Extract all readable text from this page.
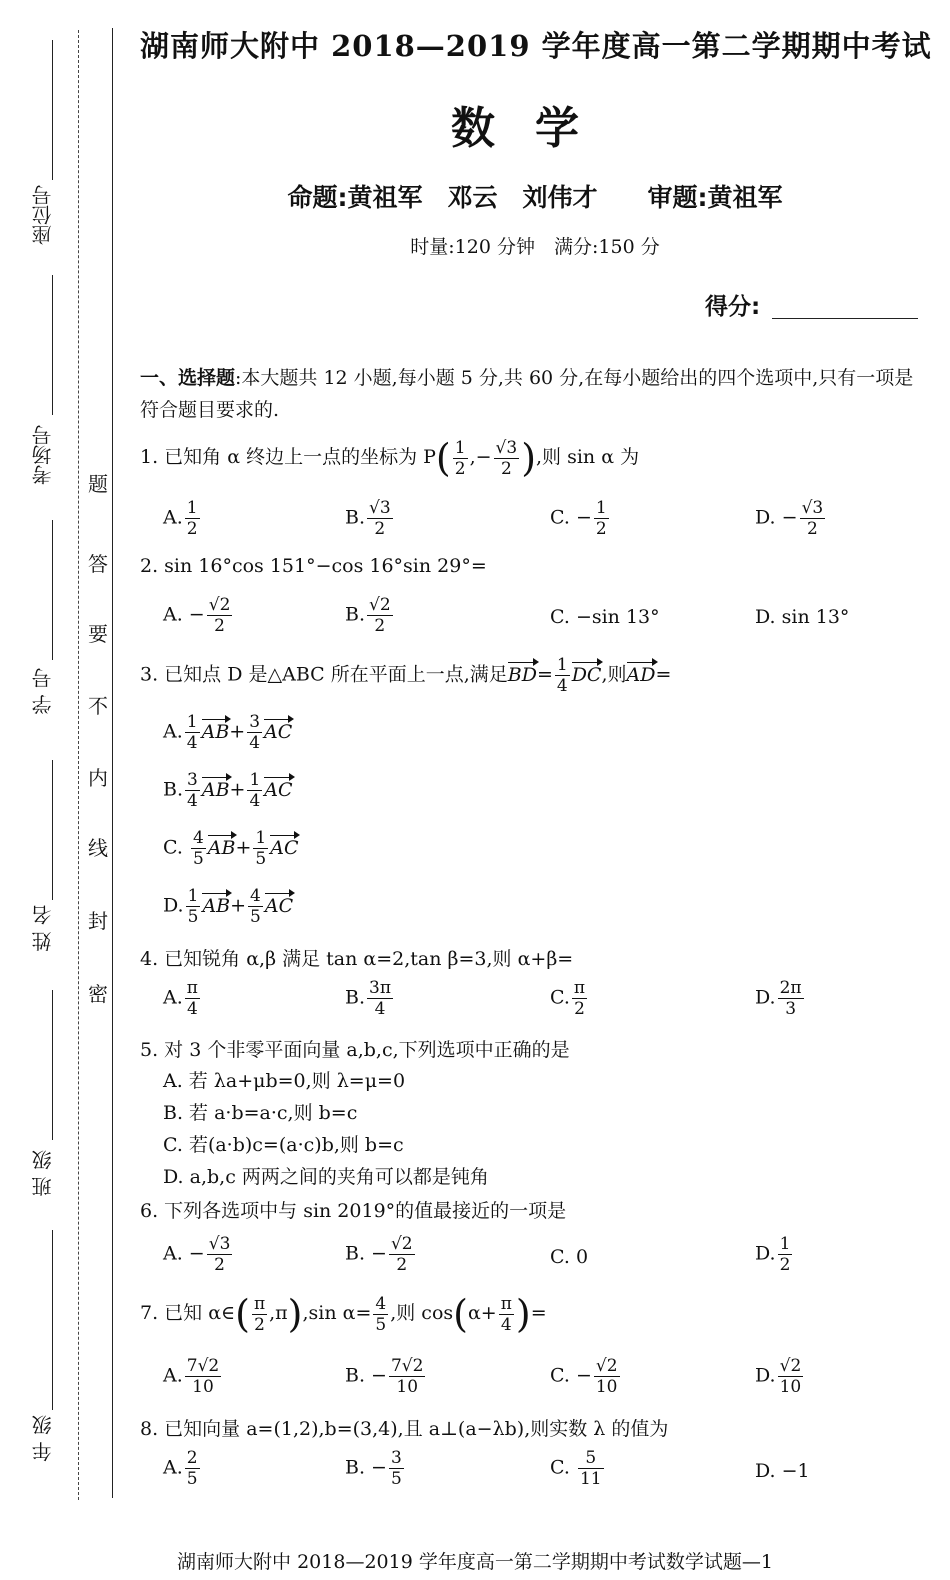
座位号
考场号
学 号
姓 名
班 级
年 级
题
答
要
不
内
线
封
密
湖南师大附中 2018—2019 学年度高一第二学期期中考试
数学
命题:黄祖军　邓云　刘伟才　　审题:黄祖军
时量:120 分钟　满分:150 分
得分:
一、选择题:本大题共 12 小题,每小题 5 分,共 60 分,在每小题给出的四个选项中,只有一项是符合题目要求的.
1. 已知角 α 终边上一点的坐标为 $P( \frac{1}{2}$ ,− $\frac{√3}{2}$ ),则 sin α 为
A. $\frac{1}{2}$	B. $\frac{√3}{2}$	C. − $\frac{1}{2}$	D. − $\frac{√3}{2}$
2. sin 16°cos 151°−cos 16°sin 29°=
A. − $\frac{√2}{2}$	B. $\frac{√2}{2}$	C. −sin 13°	D. sin 13°
3. 已知点 D 是△ABC 所在平面上一点,满足$BD= \frac{1}{4}$ DC,则AD=
A. $\frac{1}{4} AB+ \frac{3}{4}$ AC
B. $\frac{3}{4} AB+ \frac{1}{4}$ AC
C. $\frac{4}{5} AB+ \frac{1}{5}$ AC
D. $\frac{1}{5} AB+ \frac{4}{5}$ AC
4. 已知锐角 α,β 满足 tan α=2,tan β=3,则 α+β=
A. $\frac{\pi}{4}$	B. $\frac{3\pi}{4}$	C. $\frac{\pi}{2}$	D. $\frac{2\pi}{3}$
5. 对 3 个非零平面向量 a,b,c,下列选项中正确的是
A. 若 λa+μb=0,则 λ=μ=0
B. 若 a·b=a·c,则 b=c
C. 若(a·b)c=(a·c)b,则 b=c
D. a,b,c 两两之间的夹角可以都是钝角
6. 下列各选项中与 sin 2019°的值最接近的一项是
A. − $\frac{√3}{2}$	B. − $\frac{√2}{2}$	C. 0	D. $\frac{1}{2}$
7. 已知 α∈( $\frac{\pi}{2} ,\pi),\sin$ $\alpha= \frac{4}{5}$ ,则 $\cos(\alpha+ \frac{\pi}{4}$ )=
A. $\frac{7√2}{10}$	B. − $\frac{7√2}{10}$	C. − $\frac{√2}{10}$	D. $\frac{√2}{10}$
8. 已知向量 a=(1,2),b=(3,4),且 a⊥(a−λb),则实数 λ 的值为
A. $\frac{2}{5}$	B. − $\frac{3}{5}$	C. $\frac{5}{11}$	D. −1
湖南师大附中 2018—2019 学年度高一第二学期期中考试数学试题—1
